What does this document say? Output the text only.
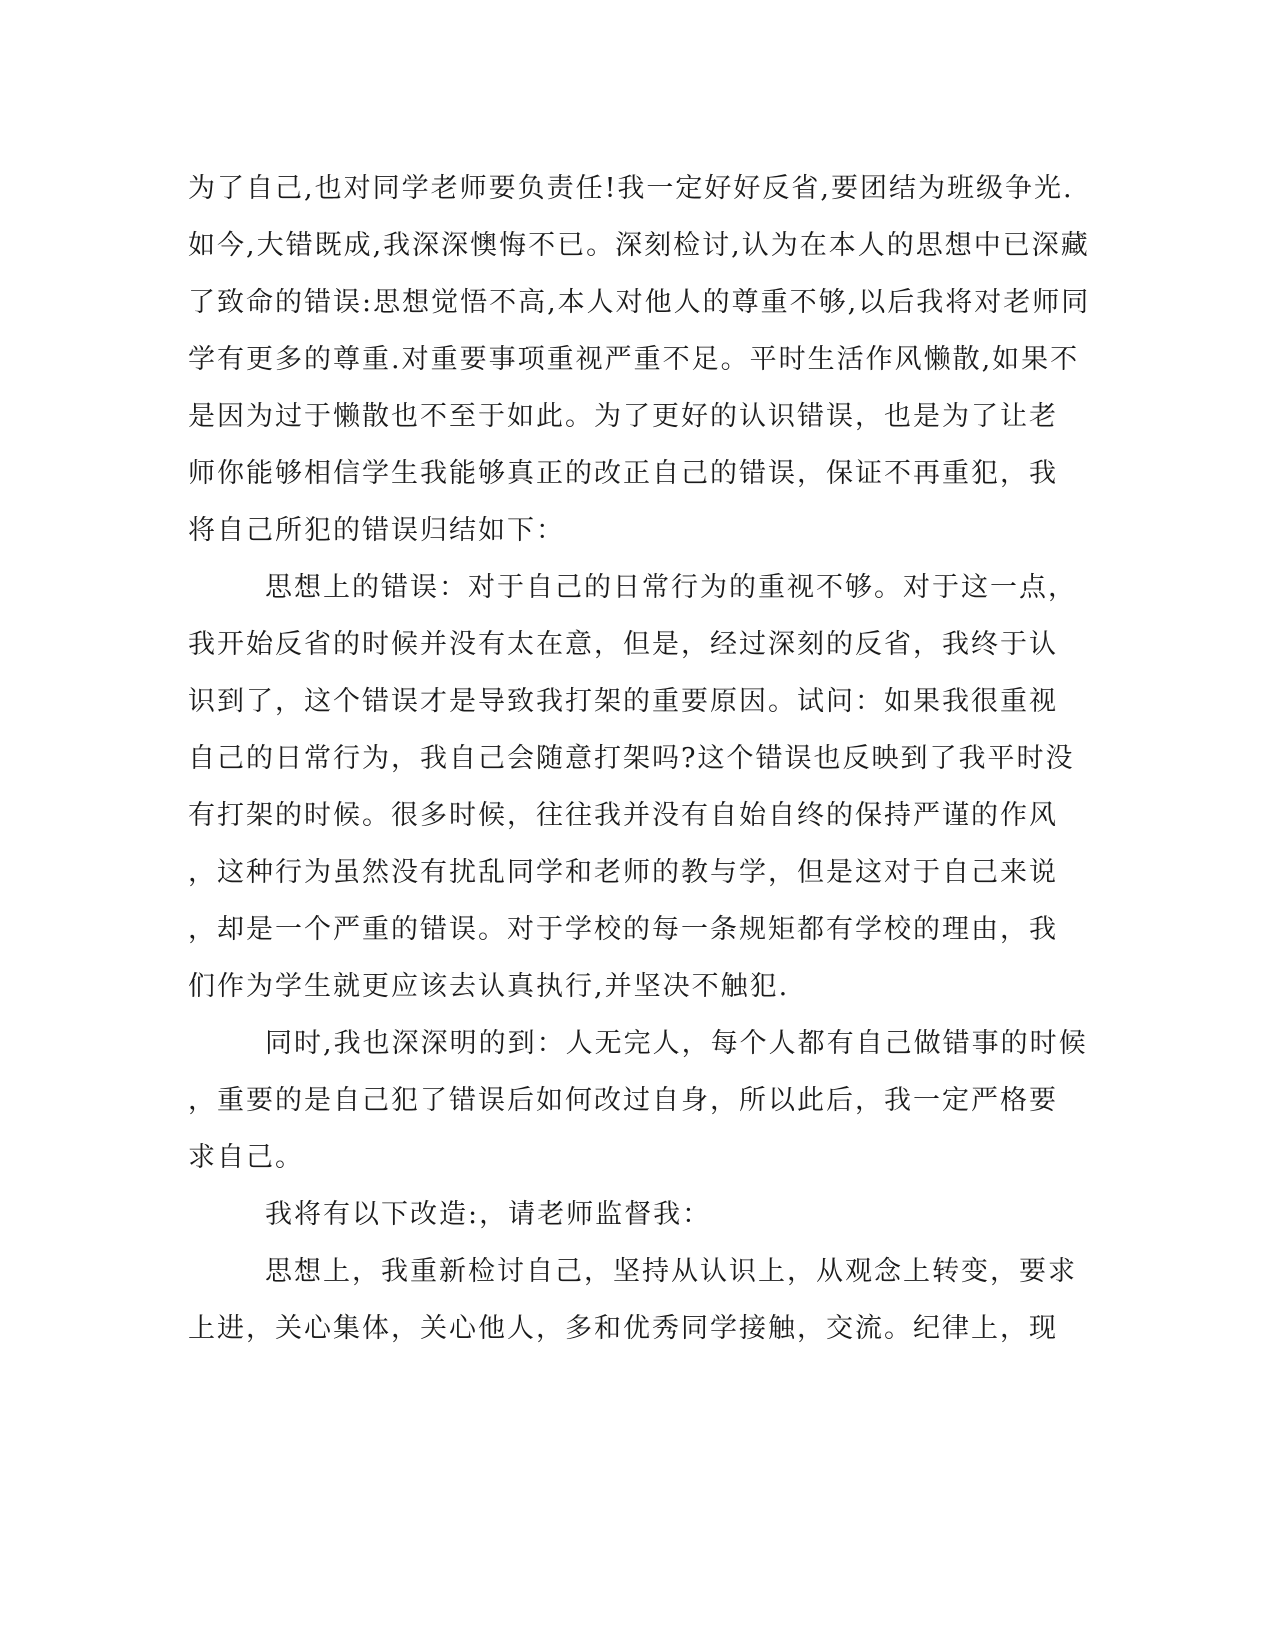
为了自己,也对同学老师要负责任!我一定好好反省,要团结为班级争光.
如今,大错既成,我深深懊悔不已。深刻检讨,认为在本人的思想中已深藏
了致命的错误:思想觉悟不高,本人对他人的尊重不够,以后我将对老师同
学有更多的尊重.对重要事项重视严重不足。平时生活作风懒散,如果不
是因为过于懒散也不至于如此。为了更好的认识错误，也是为了让老
师你能够相信学生我能够真正的改正自己的错误，保证不再重犯，我
将自己所犯的错误归结如下：
思想上的错误：对于自己的日常行为的重视不够。对于这一点，
我开始反省的时候并没有太在意，但是，经过深刻的反省，我终于认
识到了，这个错误才是导致我打架的重要原因。试问：如果我很重视
自己的日常行为，我自己会随意打架吗?这个错误也反映到了我平时没
有打架的时候。很多时候，往往我并没有自始自终的保持严谨的作风
，这种行为虽然没有扰乱同学和老师的教与学，但是这对于自己来说
，却是一个严重的错误。对于学校的每一条规矩都有学校的理由，我
们作为学生就更应该去认真执行,并坚决不触犯.
同时,我也深深明的到：人无完人，每个人都有自己做错事的时候
，重要的是自己犯了错误后如何改过自身，所以此后，我一定严格要
求自己。
我将有以下改造:，请老师监督我：
思想上，我重新检讨自己，坚持从认识上，从观念上转变，要求
上进，关心集体，关心他人，多和优秀同学接触，交流。纪律上，现
